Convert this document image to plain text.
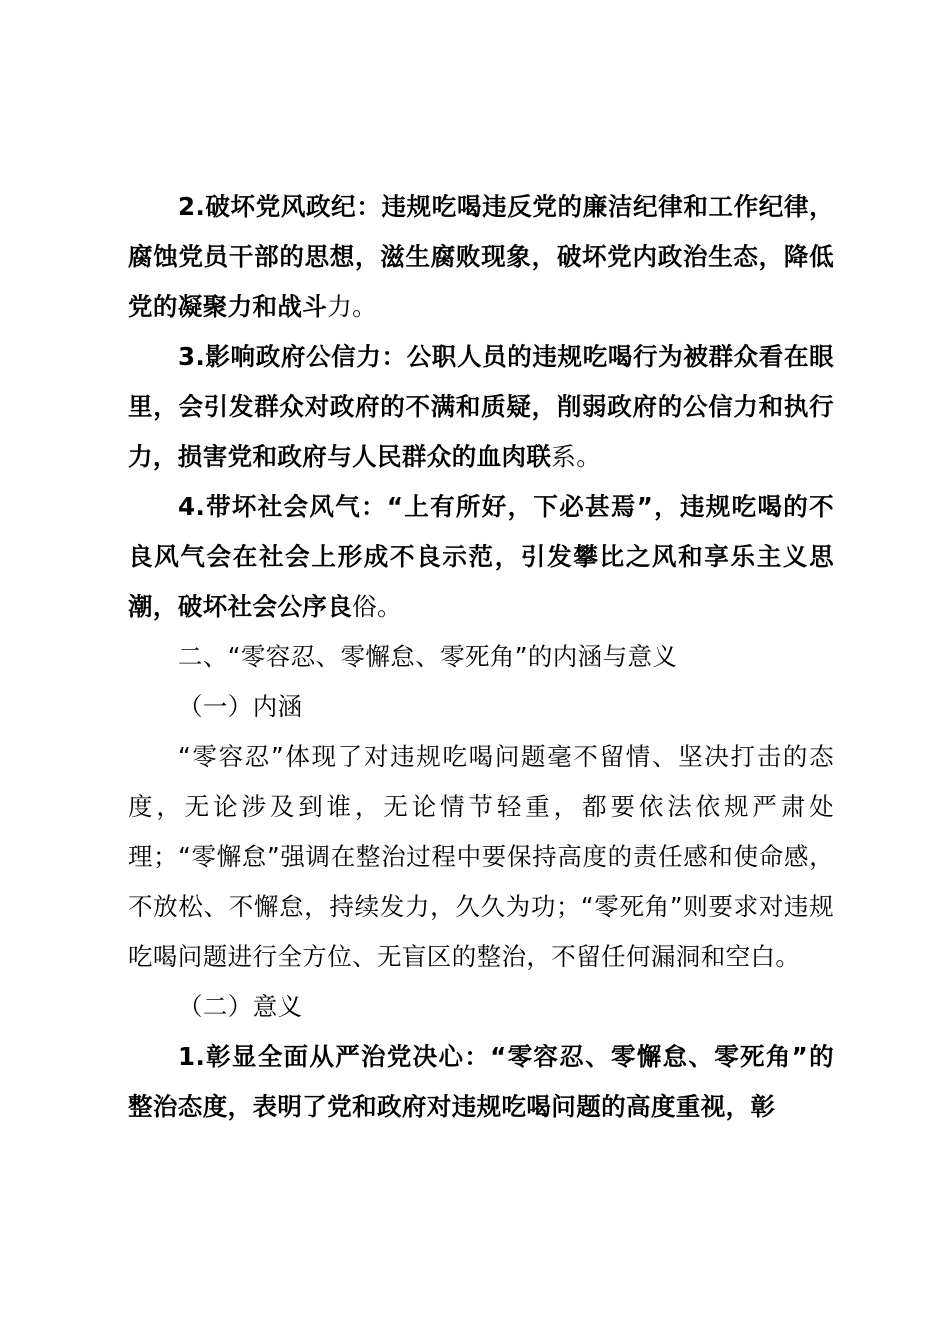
2.破坏党风政纪：违规吃喝违反党的廉洁纪律和工作纪律，腐蚀党员干部的思想，滋生腐败现象，破坏党内政治生态，降低党的凝聚力和战斗力。

3.影响政府公信力：公职人员的违规吃喝行为被群众看在眼里，会引发群众对政府的不满和质疑，削弱政府的公信力和执行力，损害党和政府与人民群众的血肉联系。

4.带坏社会风气：“上有所好，下必甚焉”，违规吃喝的不良风气会在社会上形成不良示范，引发攀比之风和享乐主义思潮，破坏社会公序良俗。

二、“零容忍、零懈怠、零死角”的内涵与意义

（一）内涵

“零容忍”体现了对违规吃喝问题毫不留情、坚决打击的态度，无论涉及到谁，无论情节轻重，都要依法依规严肃处理；“零懈怠”强调在整治过程中要保持高度的责任感和使命感，不放松、不懈怠，持续发力，久久为功；“零死角”则要求对违规吃喝问题进行全方位、无盲区的整治，不留任何漏洞和空白。

（二）意义

1.彰显全面从严治党决心：“零容忍、零懈怠、零死角”的整治态度，表明了党和政府对违规吃喝问题的高度重视，彰
